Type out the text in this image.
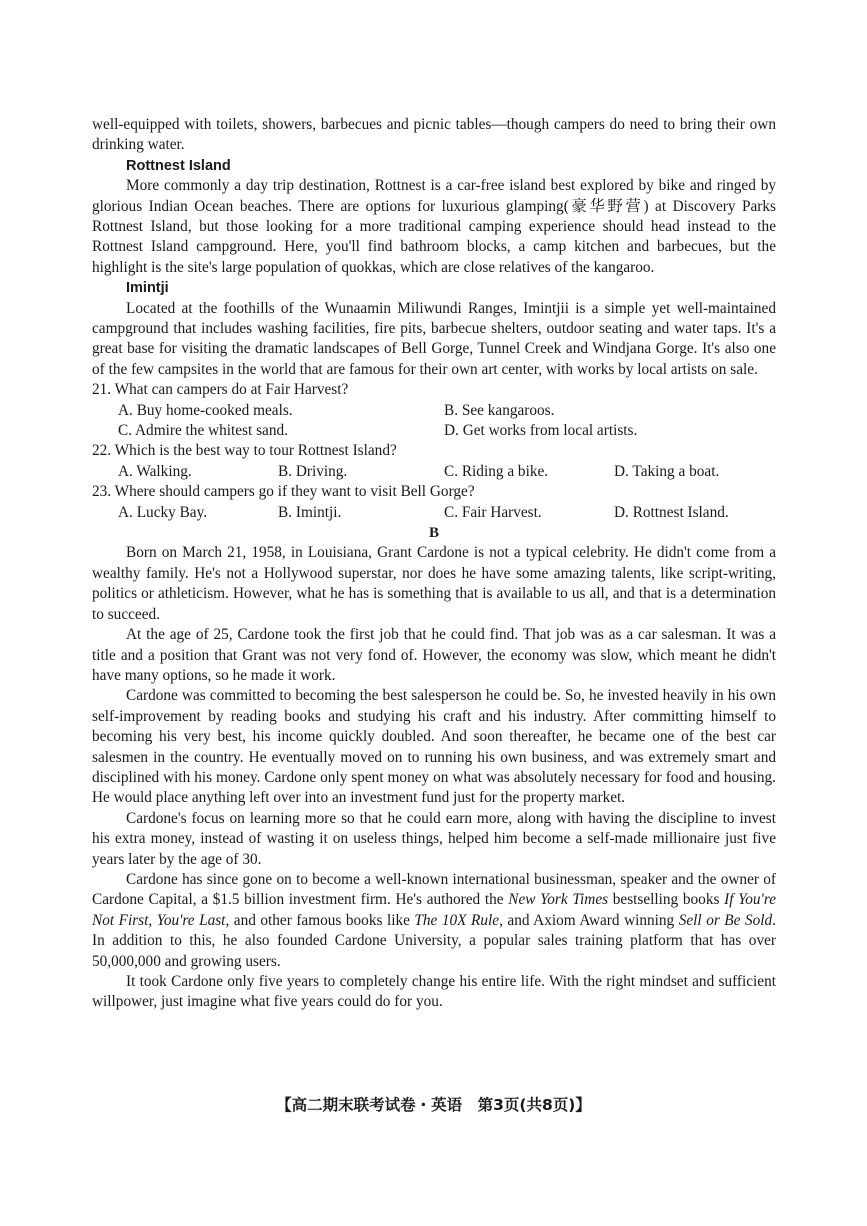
well-equipped with toilets, showers, barbecues and picnic tables—though campers do need to bring their own drinking water.

Rottnest Island

More commonly a day trip destination, Rottnest is a car-free island best explored by bike and ringed by glorious Indian Ocean beaches. There are options for luxurious glamping(豪华野营) at Discovery Parks Rottnest Island, but those looking for a more traditional camping experience should head instead to the Rottnest Island campground. Here, you'll find bathroom blocks, a camp kitchen and barbecues, but the highlight is the site's large population of quokkas, which are close relatives of the kangaroo.

Imintji

Located at the foothills of the Wunaamin Miliwundi Ranges, Imintjii is a simple yet well-maintained campground that includes washing facilities, fire pits, barbecue shelters, outdoor seating and water taps. It's a great base for visiting the dramatic landscapes of Bell Gorge, Tunnel Creek and Windjana Gorge. It's also one of the few campsites in the world that are famous for their own art center, with works by local artists on sale.

21. What can campers do at Fair Harvest?

A. Buy home-cooked meals.	B. See kangaroos.
C. Admire the whitest sand.	D. Get works from local artists.

22. Which is the best way to tour Rottnest Island?

A. Walking.	B. Driving.	C. Riding a bike.	D. Taking a boat.

23. Where should campers go if they want to visit Bell Gorge?

A. Lucky Bay.	B. Imintji.	C. Fair Harvest.	D. Rottnest Island.

B

Born on March 21, 1958, in Louisiana, Grant Cardone is not a typical celebrity. He didn't come from a wealthy family. He's not a Hollywood superstar, nor does he have some amazing talents, like script-writing, politics or athleticism. However, what he has is something that is available to us all, and that is a determination to succeed.

At the age of 25, Cardone took the first job that he could find. That job was as a car salesman. It was a title and a position that Grant was not very fond of. However, the economy was slow, which meant he didn't have many options, so he made it work.

Cardone was committed to becoming the best salesperson he could be. So, he invested heavily in his own self-improvement by reading books and studying his craft and his industry. After committing himself to becoming his very best, his income quickly doubled. And soon thereafter, he became one of the best car salesmen in the country. He eventually moved on to running his own business, and was extremely smart and disciplined with his money. Cardone only spent money on what was absolutely necessary for food and housing. He would place anything left over into an investment fund just for the property market.

Cardone's focus on learning more so that he could earn more, along with having the discipline to invest his extra money, instead of wasting it on useless things, helped him become a self-made millionaire just five years later by the age of 30.

Cardone has since gone on to become a well-known international businessman, speaker and the owner of Cardone Capital, a $1.5 billion investment firm. He's authored the New York Times bestselling books If You're Not First, You're Last, and other famous books like The 10X Rule, and Axiom Award winning Sell or Be Sold. In addition to this, he also founded Cardone University, a popular sales training platform that has over 50,000,000 and growing users.

It took Cardone only five years to completely change his entire life. With the right mindset and sufficient willpower, just imagine what five years could do for you.

【高二期末联考试卷・英语　第3页(共8页)】
